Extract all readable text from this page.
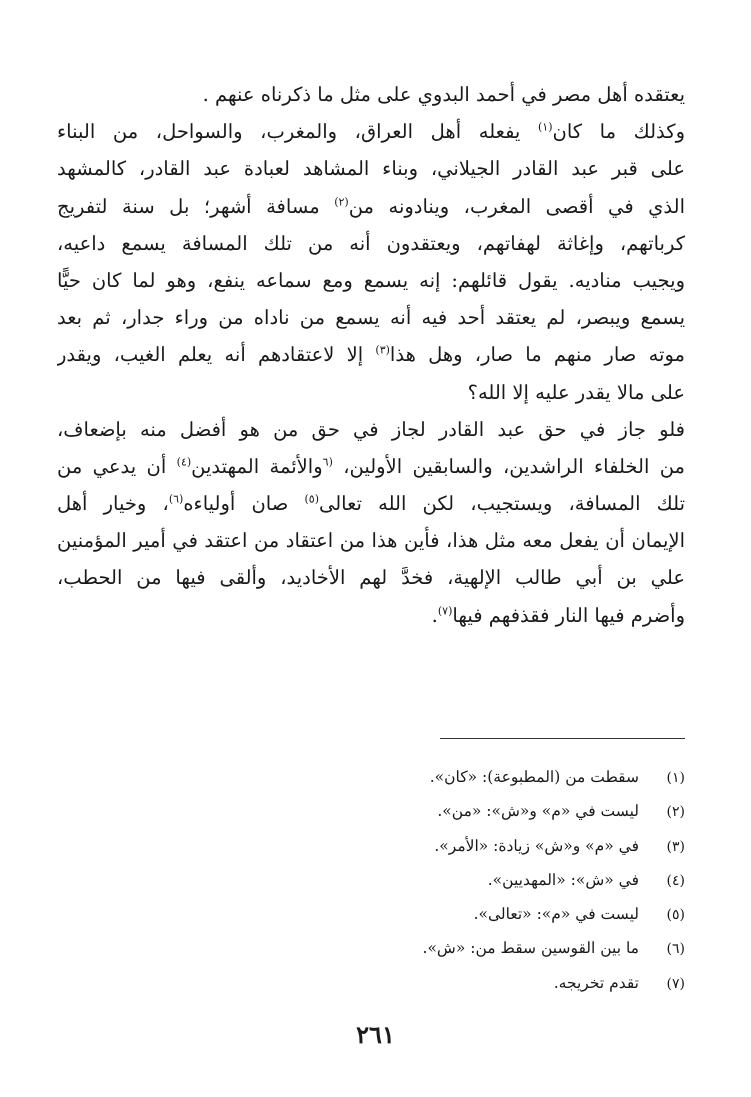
يعتقده أهل مصر في أحمد البدوي على مثل ما ذكرناه عنهم .
وكذلك ما كان$^{(١)}$ يفعله أهل العراق، والمغرب، والسواحل، من البناء
على قبر عبد القادر الجيلاني، وبناء المشاهد لعبادة عبد القادر، كالمشهد
الذي في أقصى المغرب، وينادونه من$^{(٢)}$ مسافة أشهر؛ بل سنة لتفريج
كرباتهم، وإغاثة لهفاتهم، ويعتقدون أنه من تلك المسافة يسمع داعيه،
ويجيب مناديه. يقول قائلهم: إنه يسمع ومع سماعه ينفع، وهو لما كان حيًّا
يسمع ويبصر، لم يعتقد أحد فيه أنه يسمع من ناداه من وراء جدار، ثم بعد
موته صار منهم ما صار، وهل هذا$^{(٣)}$ إلا لاعتقادهم أنه يعلم الغيب، ويقدر
على مالا يقدر عليه إلا الله؟
فلو جاز في حق عبد القادر لجاز في حق من هو أفضل منه بإضعاف،
من الخلفاء الراشدين، والسابقين الأولين، $^{(٦}$والأئمة المهتدين$^{(٤)}$ أن يدعي من
تلك المسافة، ويستجيب، لكن الله تعالى$^{(٥)}$ صان أولياءه$^{(٦)}$، وخيار أهل
الإيمان أن يفعل معه مثل هذا، فأين هذا من اعتقاد من اعتقد في أمير المؤمنين
علي بن أبي طالب الإلهية، فخدَّ لهم الأخاديد، وألقى فيها من الحطب،
وأضرم فيها النار فقذفهم فيها$^{(٧)}$.
(١)
سقطت من (المطبوعة): «كان».
(٢)
ليست في «م» و«ش»: «من».
(٣)
في «م» و«ش» زيادة: «الأمر».
(٤)
في «ش»: «المهديين».
(٥)
ليست في «م»: «تعالى».
(٦)
ما بين القوسين سقط من: «ش».
(٧)
تقدم تخريجه.
٢٦١
